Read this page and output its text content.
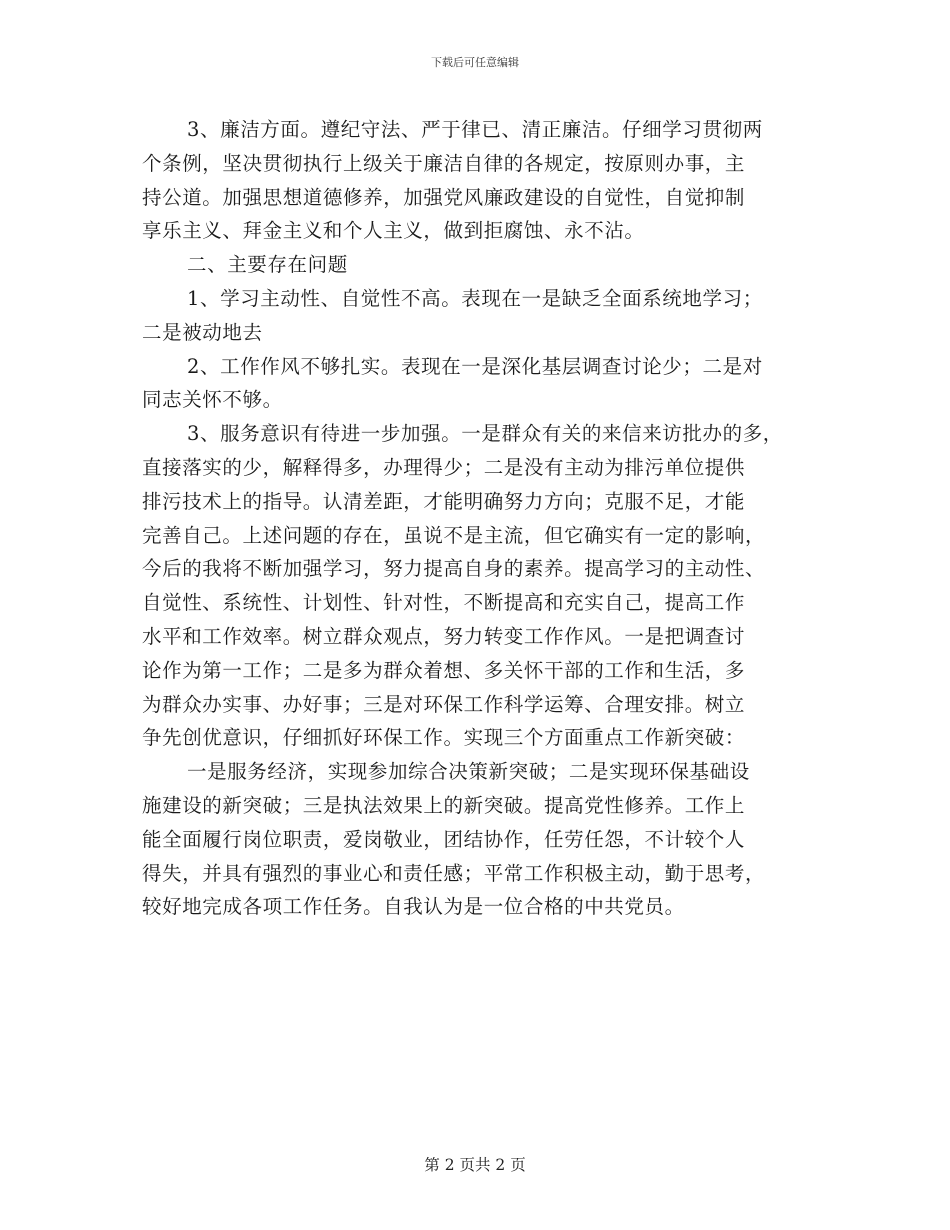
下载后可任意编辑
3、廉洁方面。遵纪守法、严于律已、清正廉洁。仔细学习贯彻两
个条例，坚决贯彻执行上级关于廉洁自律的各规定，按原则办事，主
持公道。加强思想道德修养，加强党风廉政建设的自觉性，自觉抑制
享乐主义、拜金主义和个人主义，做到拒腐蚀、永不沾。
二、主要存在问题
1、学习主动性、自觉性不高。表现在一是缺乏全面系统地学习；
二是被动地去
2、工作作风不够扎实。表现在一是深化基层调查讨论少；二是对
同志关怀不够。
3、服务意识有待进一步加强。一是群众有关的来信来访批办的多，
直接落实的少，解释得多，办理得少；二是没有主动为排污单位提供
排污技术上的指导。认清差距，才能明确努力方向；克服不足，才能
完善自己。上述问题的存在，虽说不是主流，但它确实有一定的影响，
今后的我将不断加强学习，努力提高自身的素养。提高学习的主动性、
自觉性、系统性、计划性、针对性，不断提高和充实自己，提高工作
水平和工作效率。树立群众观点，努力转变工作作风。一是把调查讨
论作为第一工作；二是多为群众着想、多关怀干部的工作和生活，多
为群众办实事、办好事；三是对环保工作科学运筹、合理安排。树立
争先创优意识，仔细抓好环保工作。实现三个方面重点工作新突破：
一是服务经济，实现参加综合决策新突破；二是实现环保基础设
施建设的新突破；三是执法效果上的新突破。提高党性修养。工作上
能全面履行岗位职责，爱岗敬业，团结协作，任劳任怨，不计较个人
得失，并具有强烈的事业心和责任感；平常工作积极主动，勤于思考，
较好地完成各项工作任务。自我认为是一位合格的中共党员。
第 2 页共 2 页
